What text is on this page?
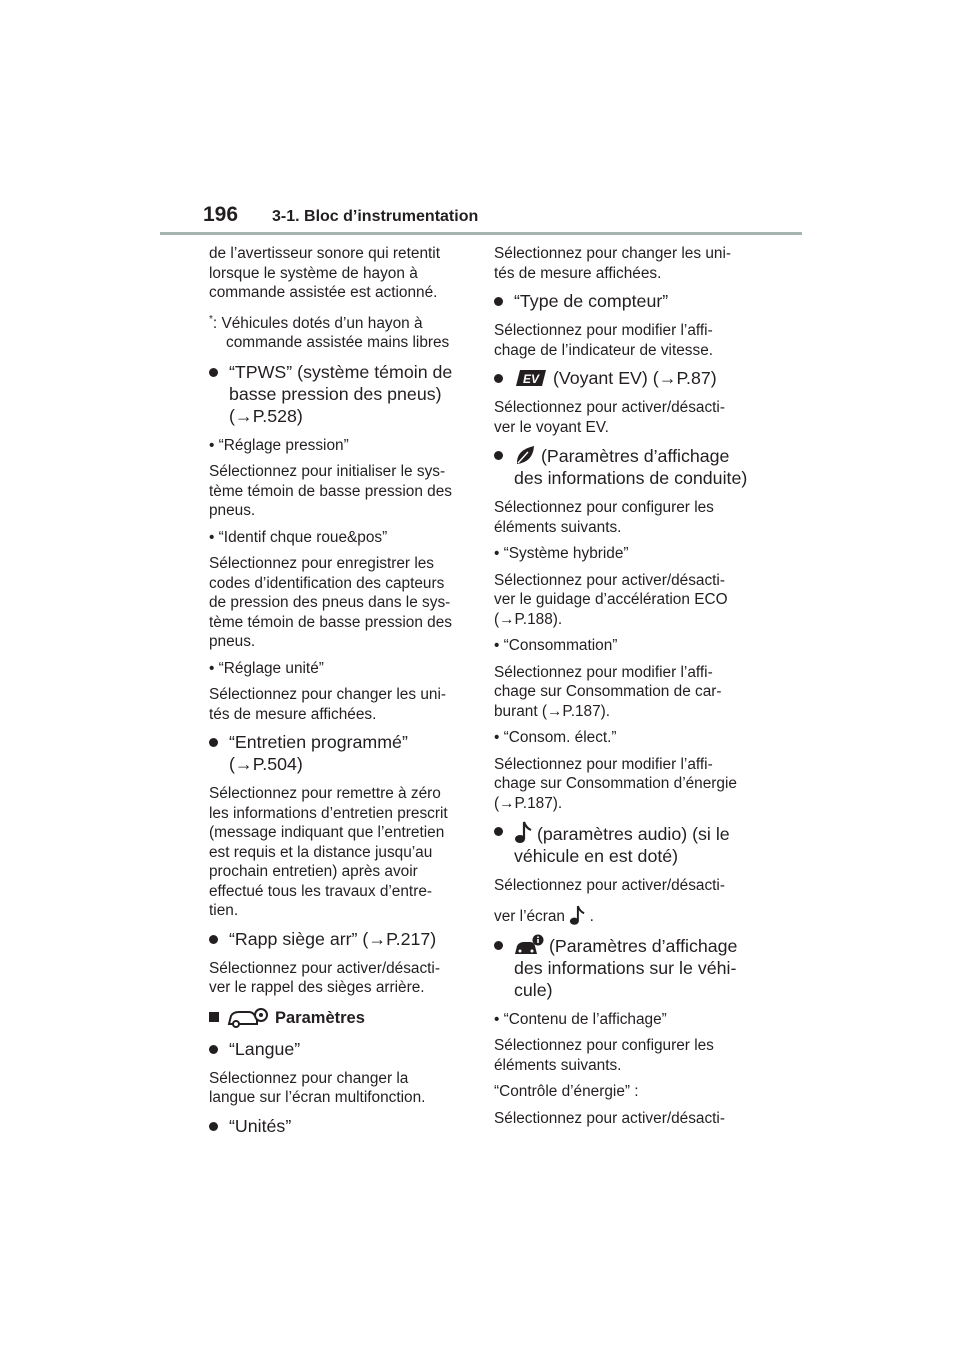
196 3-1. Bloc d’instrumentation

de l’avertisseur sonore qui retentit
lorsque le système de hayon à
commande assistée est actionné.

*: Véhicules dotés d’un hayon à
commande assistée mains libres

“TPWS” (système témoin de
basse pression des pneus)
(→P.528)

• “Réglage pression”

Sélectionnez pour initialiser le sys-
tème témoin de basse pression des
pneus.

• “Identif chque roue&pos”

Sélectionnez pour enregistrer les
codes d’identification des capteurs
de pression des pneus dans le sys-
tème témoin de basse pression des
pneus.

• “Réglage unité”

Sélectionnez pour changer les uni-
tés de mesure affichées.

“Entretien programmé”
(→P.504)

Sélectionnez pour remettre à zéro
les informations d’entretien prescrit
(message indiquant que l’entretien
est requis et la distance jusqu’au
prochain entretien) après avoir
effectué tous les travaux d’entre-
tien.

“Rapp siège arr” (→P.217)

Sélectionnez pour activer/désacti-
ver le rappel des sièges arrière.

Paramètres
“Langue”

Sélectionnez pour changer la
langue sur l’écran multifonction.

“Unités”

Sélectionnez pour changer les uni-
tés de mesure affichées.

“Type de compteur”

Sélectionnez pour modifier l’affi-
chage de l’indicateur de vitesse.

EV (Voyant EV) (→P.87)

Sélectionnez pour activer/désacti-
ver le voyant EV.

(Paramètres d’affichage
des informations de conduite)

Sélectionnez pour configurer les
éléments suivants.

• “Système hybride”

Sélectionnez pour activer/désacti-
ver le guidage d’accélération ECO
(→P.188).

• “Consommation”

Sélectionnez pour modifier l’affi-
chage sur Consommation de car-
burant (→P.187).

• “Consom. élect.”

Sélectionnez pour modifier l’affi-
chage sur Consommation d’énergie
(→P.187).

(paramètres audio) (si le
véhicule en est doté)

Sélectionnez pour activer/désacti-

ver l’écran .

(Paramètres d’affichage
des informations sur le véhi-
cule)

• “Contenu de l’affichage”

Sélectionnez pour configurer les
éléments suivants.

“Contrôle d’énergie” :

Sélectionnez pour activer/désacti-
